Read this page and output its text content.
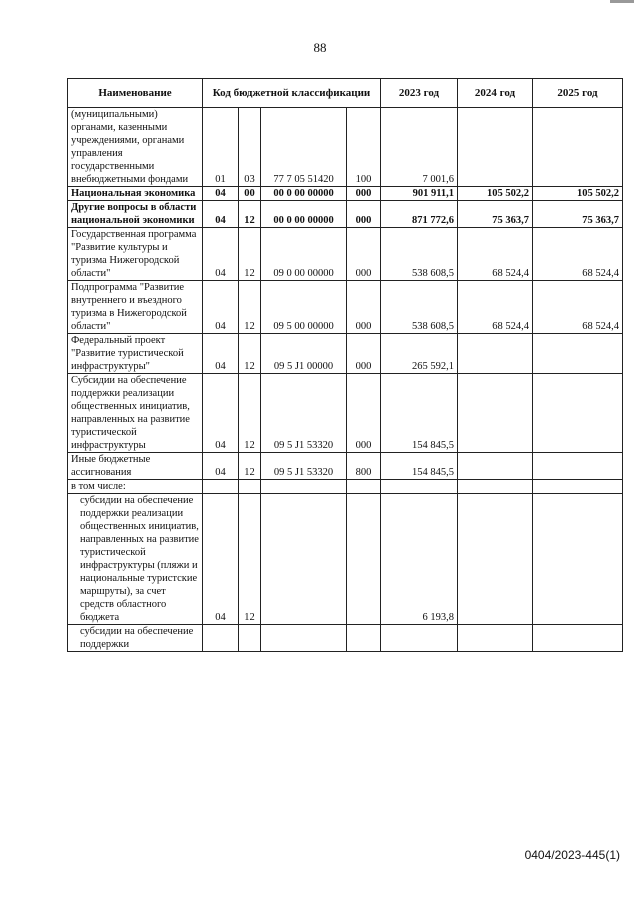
88
Наименование	Код бюджетной классификации				2023 год	2024 год	2025 год
(муниципальными) органами, казенными учреждениями, органами управления государственными внебюджетными фондами	01	03	77 7 05 51420	100	7 001,6		
Национальная экономика	04	00	00 0 00 00000	000	901 911,1	105 502,2	105 502,2
Другие вопросы в области национальной экономики	04	12	00 0 00 00000	000	871 772,6	75 363,7	75 363,7
Государственная программа "Развитие культуры и туризма Нижегородской области"	04	12	09 0 00 00000	000	538 608,5	68 524,4	68 524,4
Подпрограмма "Развитие внутреннего и въездного туризма в Нижегородской области"	04	12	09 5 00 00000	000	538 608,5	68 524,4	68 524,4
Федеральный проект "Развитие туристической инфраструктуры"	04	12	09 5 J1 00000	000	265 592,1		
Субсидии на обеспечение поддержки реализации общественных инициатив, направленных на развитие туристической инфраструктуры	04	12	09 5 J1 53320	000	154 845,5		
Иные бюджетные ассигнования	04	12	09 5 J1 53320	800	154 845,5		
в том числе:							
субсидии на обеспечение поддержки реализации общественных инициатив, направленных на развитие туристической инфраструктуры (пляжи и национальные туристские маршруты), за счет средств областного бюджета	04	12			6 193,8		
субсидии на обеспечение поддержки							
0404/2023-445(1)
